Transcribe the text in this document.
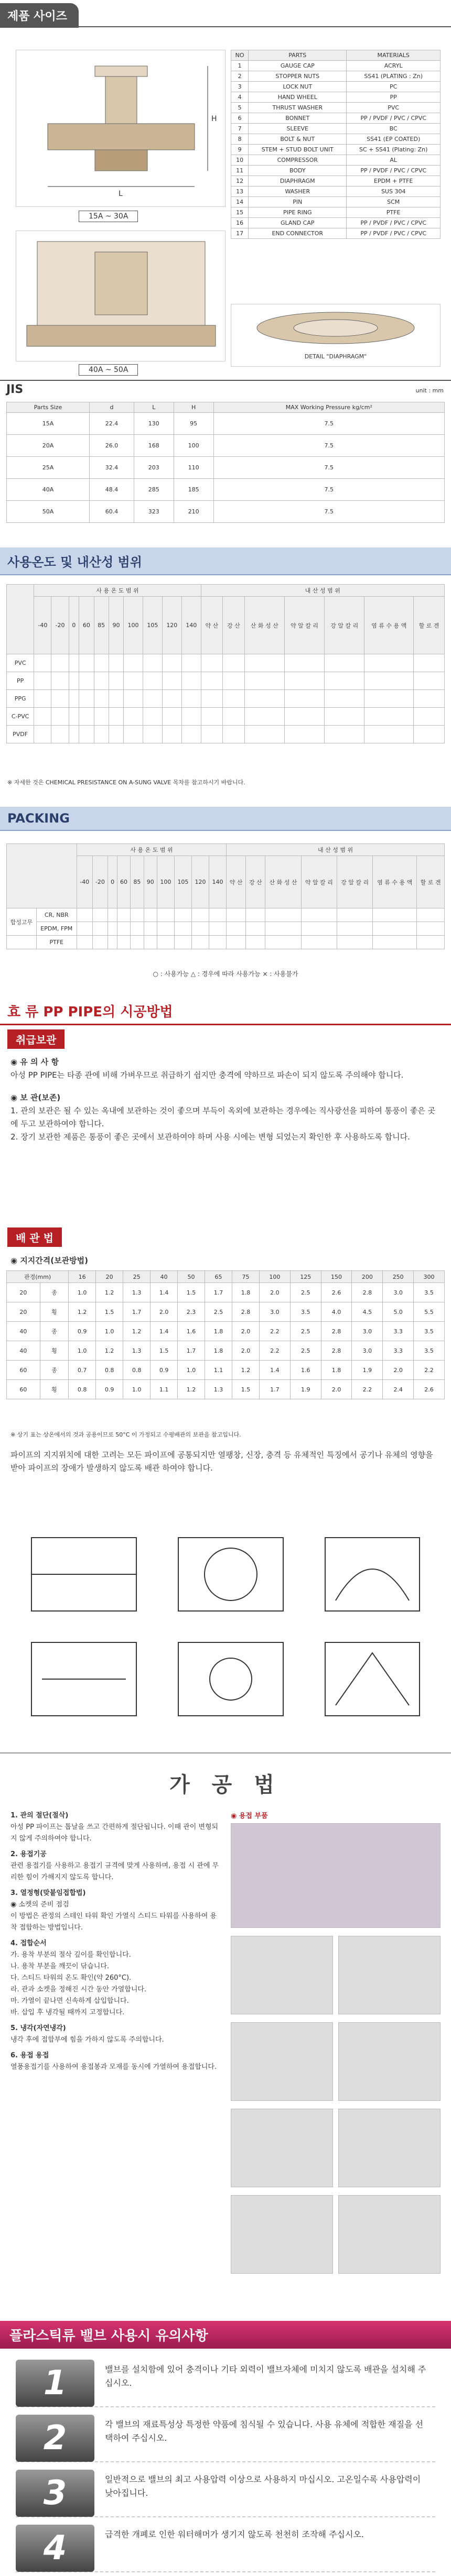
제품 사이즈
L
H
15A ~ 30A
40A ~ 50A
NO	PARTS	MATERIALS
1	GAUGE CAP	ACRYL
2	STOPPER NUTS	SS41 (PLATING : Zn)
3	LOCK NUT	PC
4	HAND WHEEL	PP
5	THRUST WASHER	PVC
6	BONNET	PP / PVDF / PVC / CPVC
7	SLEEVE	BC
8	BOLT & NUT	SS41 (EP COATED)
9	STEM + STUD BOLT UNIT	SC + SS41 (Plating: Zn)
10	COMPRESSOR	AL
11	BODY	PP / PVDF / PVC / CPVC
12	DIAPHRAGM	EPDM + PTFE
13	WASHER	SUS 304
14	PIN	SCM
15	PIPE RING	PTFE
16	GLAND CAP	PP / PVDF / PVC / CPVC
17	END CONNECTOR	PP / PVDF / PVC / CPVC
DETAIL "DIAPHRAGM"
JIS	unit : mm
Parts Size	d	L	H	MAX Working Pressure kg/cm²
15A	22.4	130	95	7.5
20A	26.0	168	100	7.5
25A	32.4	203	110	7.5
40A	48.4	285	185	7.5
50A	60.4	323	210	7.5
사용온도 및 내산성 범위
	사 용 온 도 범 위										내 산 성 범 위						
	-40	-20	0	60	85	90	100	105	120	140	약 산	강 산	산 화 성 산	약 알 칼 리	강 알 칼 리	염 류 수 용 액	할 로 겐
PVC																	
PP																	
PPG																	
C-PVC																	
PVDF																	
※ 자세한 것은 CHEMICAL PRESISTANCE ON A-SUNG VALVE 목차를 참고하시기 바랍니다.
PACKING
		사 용 온 도 범 위										내 산 성 범 위						
		-40	-20	0	60	85	90	100	105	120	140	약 산	강 산	산 화 성 산	약 알 칼 리	강 알 칼 리	염 류 수 용 액	할 로 겐
합성고무	CR, NBR																	
	EPDM, FPM																	
	PTFE																	
○ : 사용가능 △ : 경우에 따라 사용가능 × : 사용불가
효 류 PP PIPE의 시공방법
취급보관

◉ 유 의 사 항

아성 PP PIPE는 타종 관에 비해 가벼우므로 취급하기 쉽지만 충격에 약하므로 파손이 되지 않도록 주의해야 합니다.

◉ 보 관(보존)

1. 관의 보관은 될 수 있는 옥내에 보관하는 것이 좋으며 부득이 옥외에 보관하는 경우에는 직사광선을 피하여 통풍이 좋은 곳에 두고 보관하여야 합니다.

2. 장기 보관한 제품은 통풍이 좋은 곳에서 보관하여야 하며 사용 시에는 변형 되었는지 확인한 후 사용하도록 합니다.

배 관 법
◉ 지지간격(보관방법)
관경(mm)		16	20	25	40	50	65	75	100	125	150	200	250	300
20	종	1.0	1.2	1.3	1.4	1.5	1.7	1.8	2.0	2.5	2.6	2.8	3.0	3.5
20	횡	1.2	1.5	1.7	2.0	2.3	2.5	2.8	3.0	3.5	4.0	4.5	5.0	5.5
40	종	0.9	1.0	1.2	1.4	1.6	1.8	2.0	2.2	2.5	2.8	3.0	3.3	3.5
40	횡	1.0	1.2	1.3	1.5	1.7	1.8	2.0	2.2	2.5	2.8	3.0	3.3	3.5
60	종	0.7	0.8	0.8	0.9	1.0	1.1	1.2	1.4	1.6	1.8	1.9	2.0	2.2
60	횡	0.8	0.9	1.0	1.1	1.2	1.3	1.5	1.7	1.9	2.0	2.2	2.4	2.6
※ 상기 표는 상온에서의 것과 공용이므로 50°C 이 가정되고 수평배관의 보관을 참고입니다.

파이프의 지지위치에 대한 고려는 모든 파이프에 공통되지만 열팽창, 신장, 충격 등 유체적인 특징에서 공기나 유체의 영향을 받아 파이프의 장애가 발생하지 않도록 배관 하여야 합니다.

가 공 법
1. 관의 절단(절삭)
아성 PP 파이프는 톱날을 쓰고 간편하게 절단됩니다. 이때 관이 변형되지 않게 주의하여야 합니다.
2. 용접기공
관련 용접기를 사용하고 용접기 규격에 맞게 사용하며, 용접 시 관에 무리한 힘이 가해지지 않도록 합니다.
3. 열정형(맞붙임접합법)
◉ 소켓의 준비 점검
이 방법은 관정의 스테인 타워 확인 가열식 스티드 타워를 사용하여 용착 접합하는 방법입니다.
4. 접합순서
가. 용착 부분의 절삭 깊이를 확인합니다.
나. 용착 부분을 깨끗이 닦습니다.
다. 스티드 타워의 온도 확인(약 260°C).
라. 관과 소켓을 정해진 시간 동안 가열합니다.
마. 가열이 끝나면 신속하게 삽입합니다.
바. 삽입 후 냉각될 때까지 고정합니다.
5. 냉각(자연냉각)
냉각 후에 접합부에 힘을 가하지 않도록 주의합니다.
6. 용접 용접
열풍용접기를 사용하여 용접봉과 모재를 동시에 가열하여 용접합니다.
◉ 용접 부품
플라스틱류 밸브 사용시 유의사항
1	밸브를 설치함에 있어 충격이나 기타 외력이 밸브자체에 미치지 않도록 배관을 설치해 주십시오.
2	각 밸브의 재료특성상 특정한 약품에 침식될 수 있습니다. 사용 유체에 적합한 재질을 선택하여 주십시오.
3	일반적으로 밸브의 최고 사용압력 이상으로 사용하지 마십시오. 고온일수록 사용압력이 낮아집니다.
4	급격한 개폐로 인한 워터해머가 생기지 않도록 천천히 조작해 주십시오.
